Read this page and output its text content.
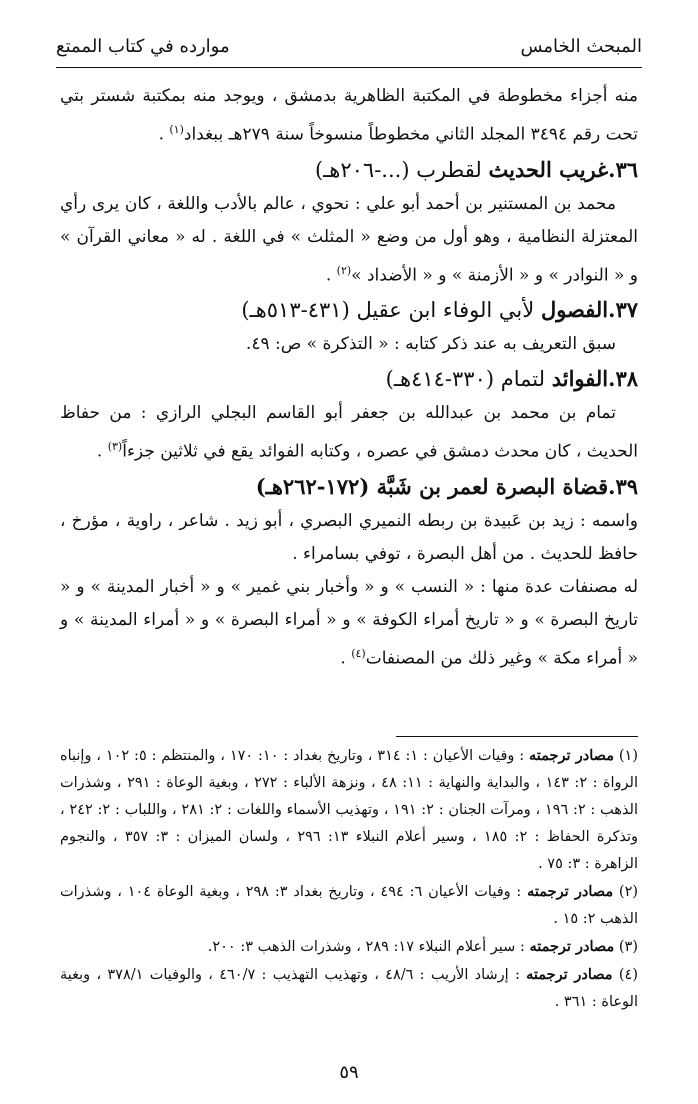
المبحث الخامس
موارده في كتاب الممتع

منه أجزاء مخطوطة في المكتبة الظاهرية بدمشق ، ويوجد منه بمكتبة شستر بتي تحت رقم ٣٤٩٤ المجلد الثاني مخطوطاً منسوخاً سنة ٢٧٩هـ ببغداد$^{(١)}$ .

٣٦.غريب الحديث لقطرب (...-٢٠٦هـ)

محمد بن المستنير بن أحمد أبو علي : نحوي ، عالم بالأدب واللغة ، كان يرى رأي المعتزلة النظامية ، وهو أول من وضع « المثلث » في اللغة . له « معاني القرآن » و « النوادر » و « الأزمنة » و « الأضداد »$^{(٢)}$ .

٣٧.الفصول لأبي الوفاء ابن عقيل (٤٣١-٥١٣هـ)

سبق التعريف به عند ذكر كتابه : « التذكرة » ص: ٤٩.

٣٨.الفوائد لتمام (٣٣٠-٤١٤هـ)

تمام بن محمد بن عبدالله بن جعفر أبو القاسم البجلي الرازي : من حفاظ الحديث ، كان محدث دمشق في عصره ، وكتابه الفوائد يقع في ثلاثين جزءاً$^{(٣)}$ .

٣٩.قضاة البصرة لعمر بن شَبَّة (١٧٢-٢٦٢هـ)

واسمه : زيد بن عَبيدة بن ربطه النميري البصري ، أبو زيد . شاعر ، راوية ، مؤرخ ، حافظ للحديث . من أهل البصرة ، توفي بسامراء .

له مصنفات عدة منها : « النسب » و « وأخبار بني غمير » و « أخبار المدينة » و « تاريخ البصرة » و « تاريخ أمراء الكوفة » و « أمراء البصرة » و « أمراء المدينة » و « أمراء مكة » وغير ذلك من المصنفات$^{(٤)}$ .

(١) مصادر ترجمته : وفيات الأعيان : ١: ٣١٤ ، وتاريخ بغداد : ١٠: ١٧٠ ، والمنتظم : ٥: ١٠٢ ، وإنباه الرواة : ٢: ١٤٣ ، والبداية والنهاية : ١١: ٤٨ ، ونزهة الألباء : ٢٧٢ ، وبغية الوعاة : ٢٩١ ، وشذرات الذهب : ٢: ١٩٦ ، ومرآت الجنان : ٢: ١٩١ ، وتهذيب الأسماء واللغات : ٢: ٢٨١ ، واللباب : ٢: ٢٤٢ ، وتذكرة الحفاظ : ٢: ١٨٥ ، وسير أعلام النبلاء ١٣: ٢٩٦ ، ولسان الميزان : ٣: ٣٥٧ ، والنجوم الزاهرة : ٣: ٧٥ .

(٢) مصادر ترجمته : وفيات الأعيان ٦: ٤٩٤ ، وتاريخ بغداد ٣: ٢٩٨ ، وبغية الوعاة ١٠٤ ، وشذرات الذهب ٢: ١٥ .

(٣) مصادر ترجمته : سير أعلام النبلاء ١٧: ٢٨٩ ، وشذرات الذهب ٣: ٢٠٠.

(٤) مصادر ترجمته : إرشاد الأريب : ٤٨/٦ ، وتهذيب التهذيب : ٤٦٠/٧ ، والوفيات ٣٧٨/١ ، وبغية الوعاة : ٣٦١ .

٥٩
